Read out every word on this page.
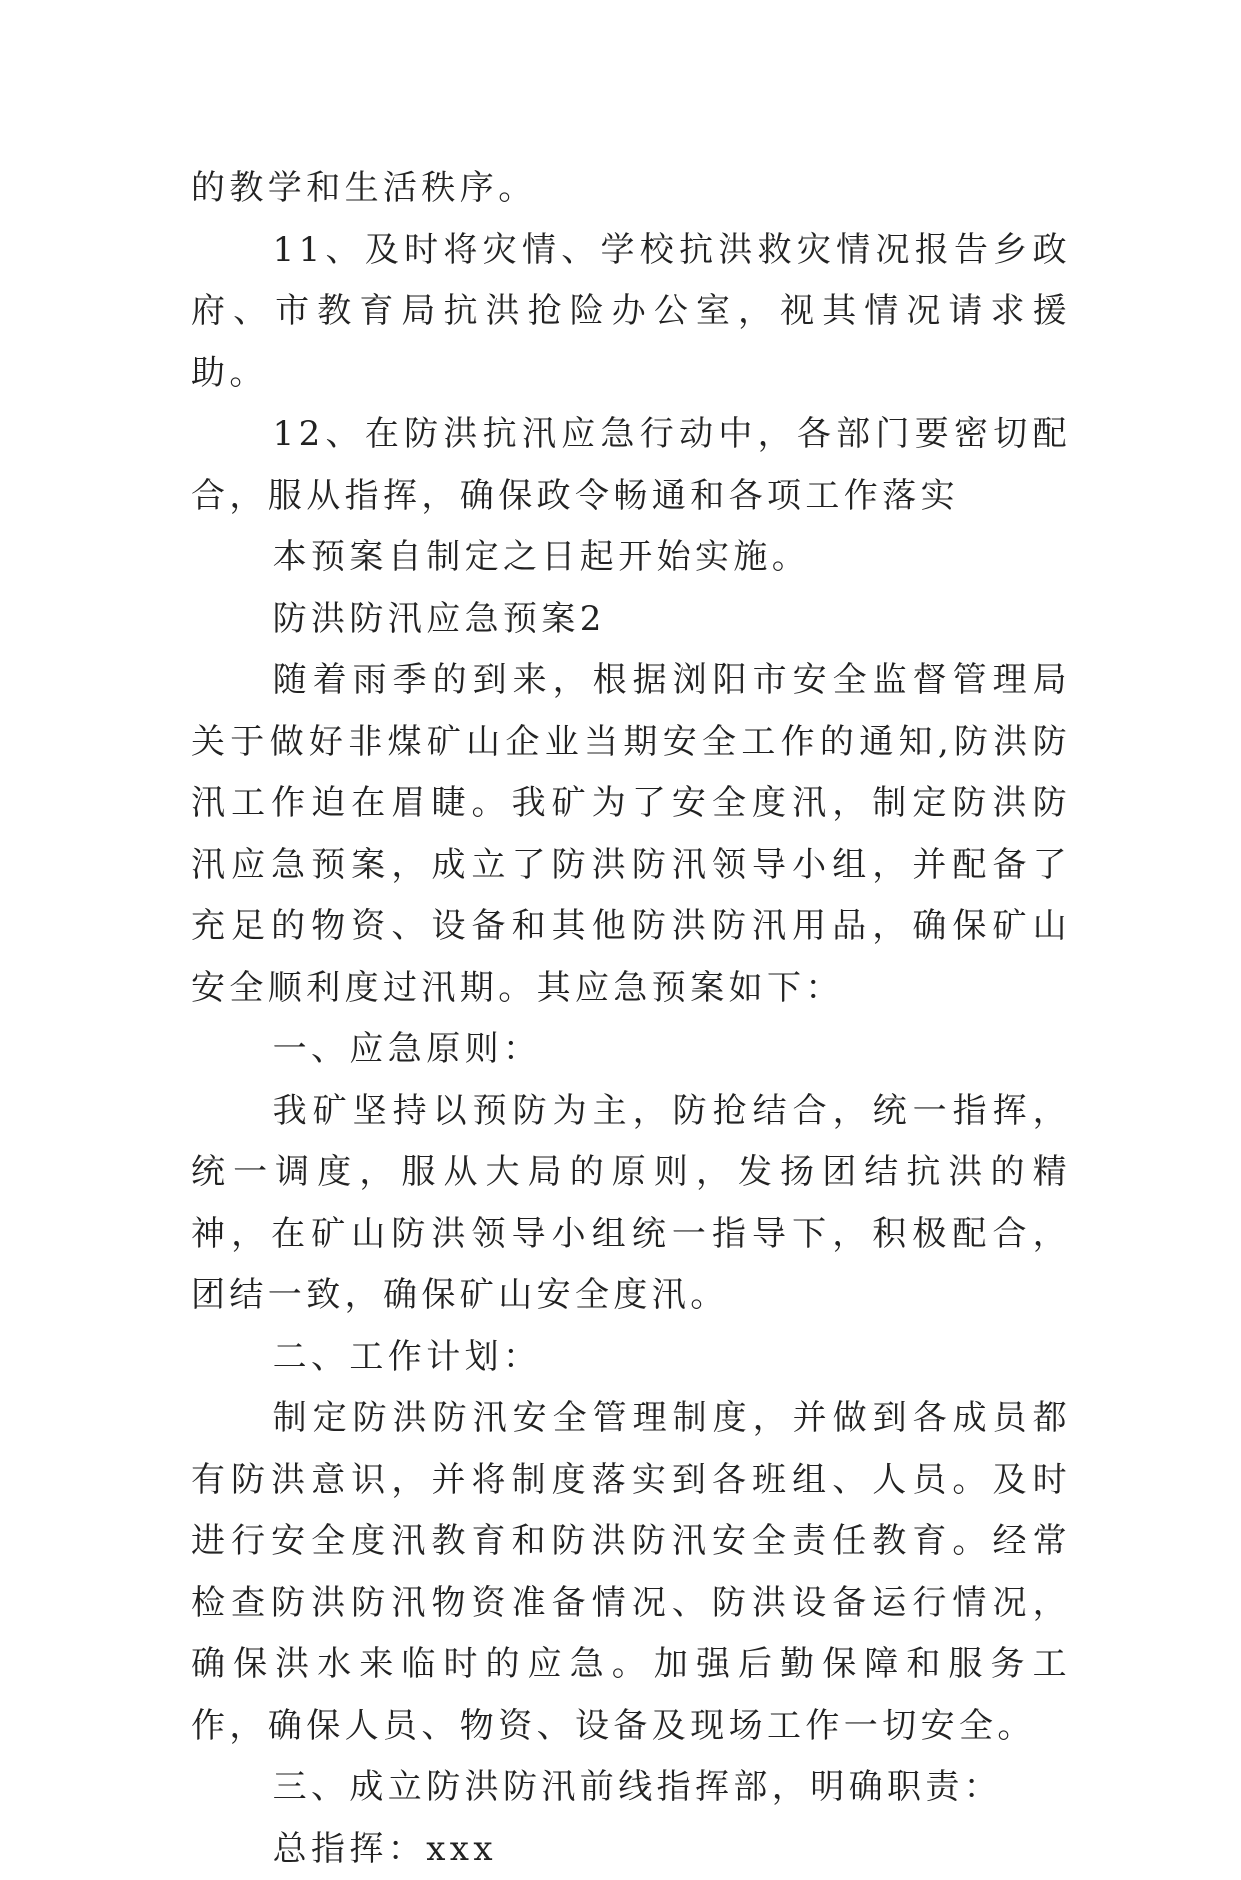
的教学和生活秩序。

11、及时将灾情、学校抗洪救灾情况报告乡政府、市教育局抗洪抢险办公室，视其情况请求援助。

12、在防洪抗汛应急行动中，各部门要密切配合，服从指挥，确保政令畅通和各项工作落实

本预案自制定之日起开始实施。

防洪防汛应急预案2

随着雨季的到来，根据浏阳市安全监督管理局关于做好非煤矿山企业当期安全工作的通知,防洪防汛工作迫在眉睫。我矿为了安全度汛，制定防洪防汛应急预案，成立了防洪防汛领导小组，并配备了充足的物资、设备和其他防洪防汛用品，确保矿山安全顺利度过汛期。其应急预案如下：

一、应急原则：

我矿坚持以预防为主，防抢结合，统一指挥，统一调度，服从大局的原则，发扬团结抗洪的精神，在矿山防洪领导小组统一指导下，积极配合，团结一致，确保矿山安全度汛。

二、工作计划：

制定防洪防汛安全管理制度，并做到各成员都有防洪意识，并将制度落实到各班组、人员。及时进行安全度汛教育和防洪防汛安全责任教育。经常检查防洪防汛物资准备情况、防洪设备运行情况，确保洪水来临时的应急。加强后勤保障和服务工作，确保人员、物资、设备及现场工作一切安全。

三、成立防洪防汛前线指挥部，明确职责：

总指挥：xxx
